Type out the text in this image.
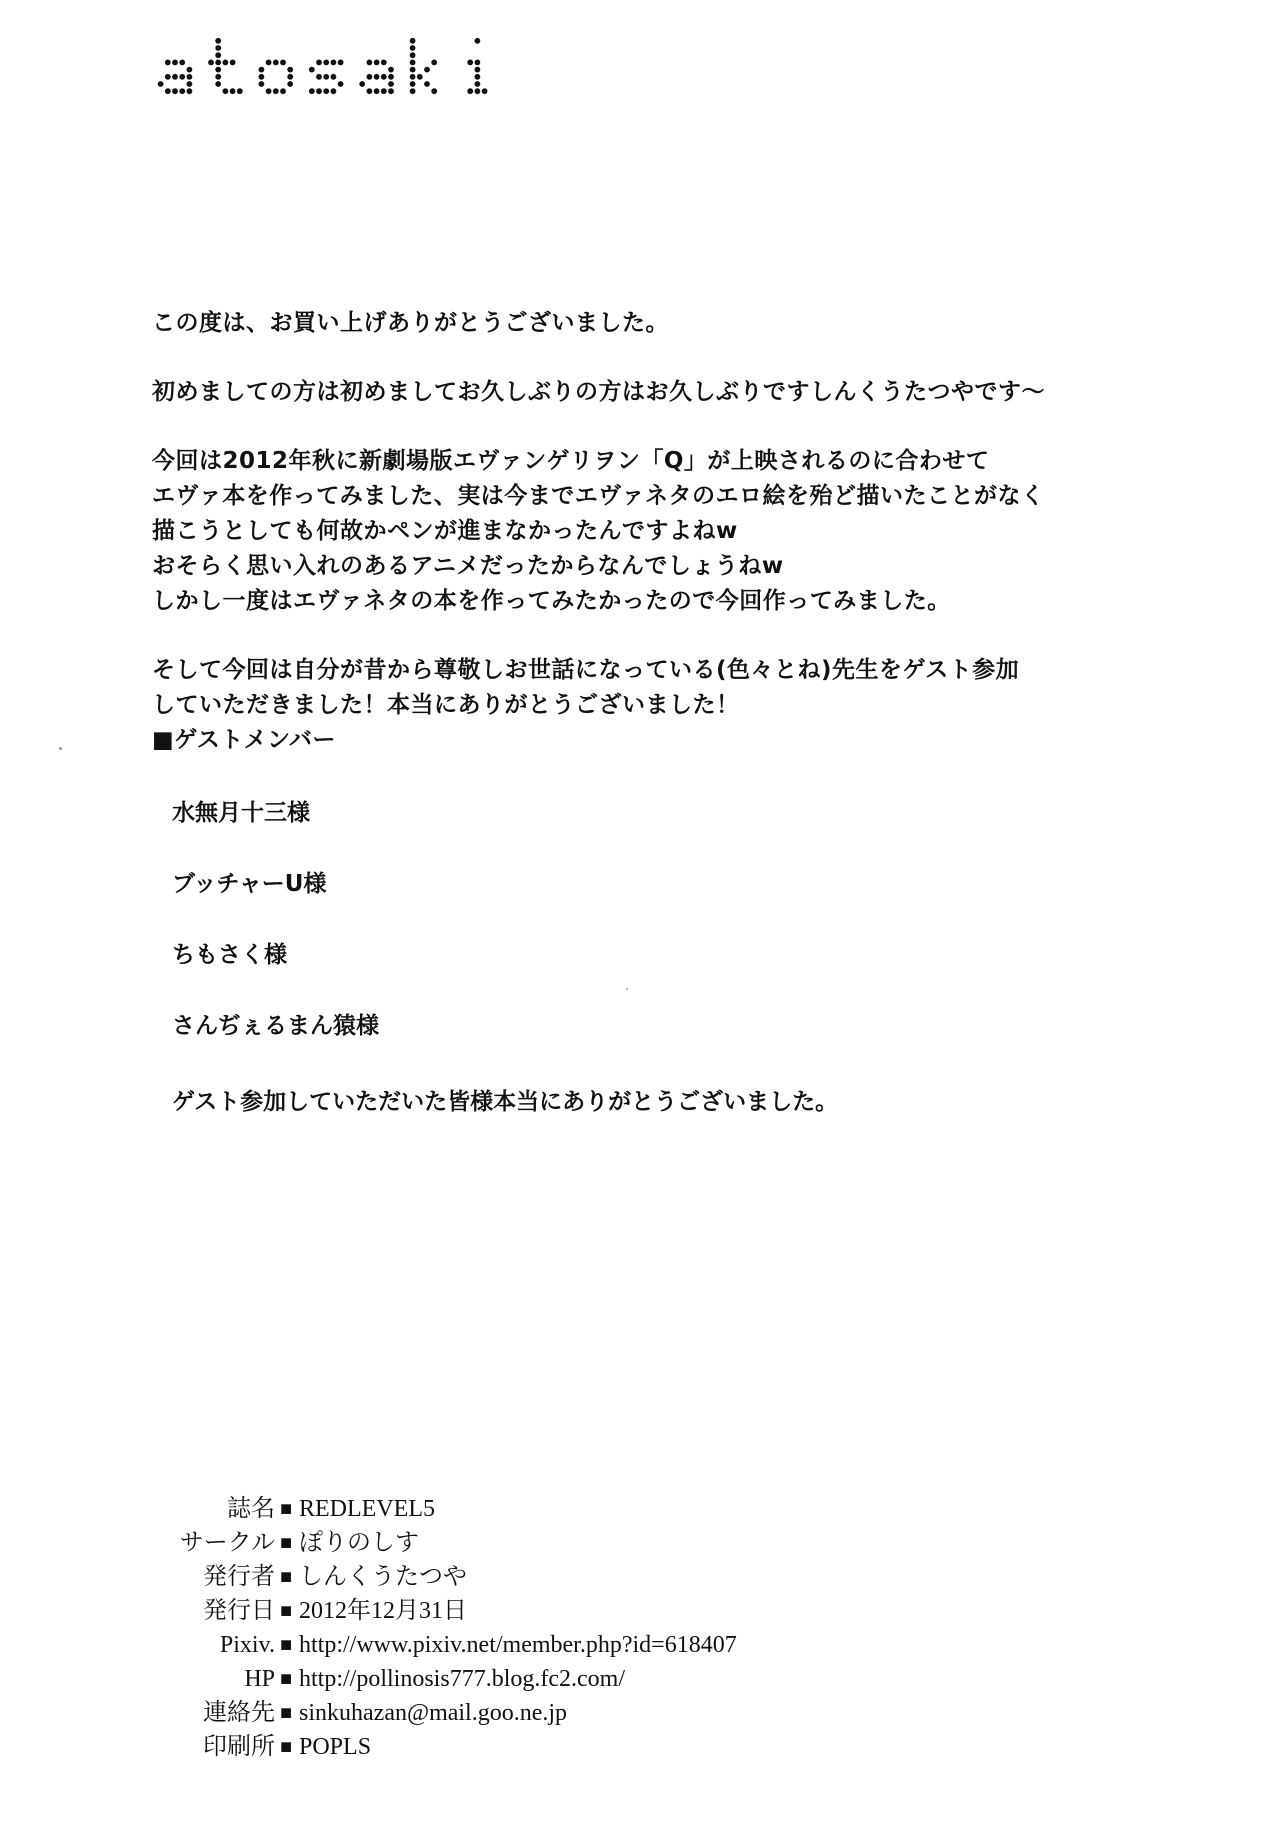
この度は、お買い上げありがとうございました。
初めましての方は初めましてお久しぶりの方はお久しぶりですしんくうたつやです～
今回は2012年秋に新劇場版エヴァンゲリヲン「Q」が上映されるのに合わせて
エヴァ本を作ってみました、実は今までエヴァネタのエロ絵を殆ど描いたことがなく
描こうとしても何故かペンが進まなかったんですよねw
おそらく思い入れのあるアニメだったからなんでしょうねw
しかし一度はエヴァネタの本を作ってみたかったので今回作ってみました。
そして今回は自分が昔から尊敬しお世話になっている(色々とね)先生をゲスト参加
していただきました！本当にありがとうございました！
■ゲストメンバー
水無月十三様
ブッチャーU様
ちもさく様
さんぢぇるまん猿様
ゲスト参加していただいた皆様本当にありがとうございました。
誌名 ■ REDLEVEL5
サークル ■ ぽりのしす
発行者 ■ しんくうたつや
発行日 ■ 2012年12月31日
Pixiv. ■ http://www.pixiv.net/member.php?id=618407
HP ■ http://pollinosis777.blog.fc2.com/
連絡先 ■ sinkuhazan@mail.goo.ne.jp
印刷所 ■ POPLS
